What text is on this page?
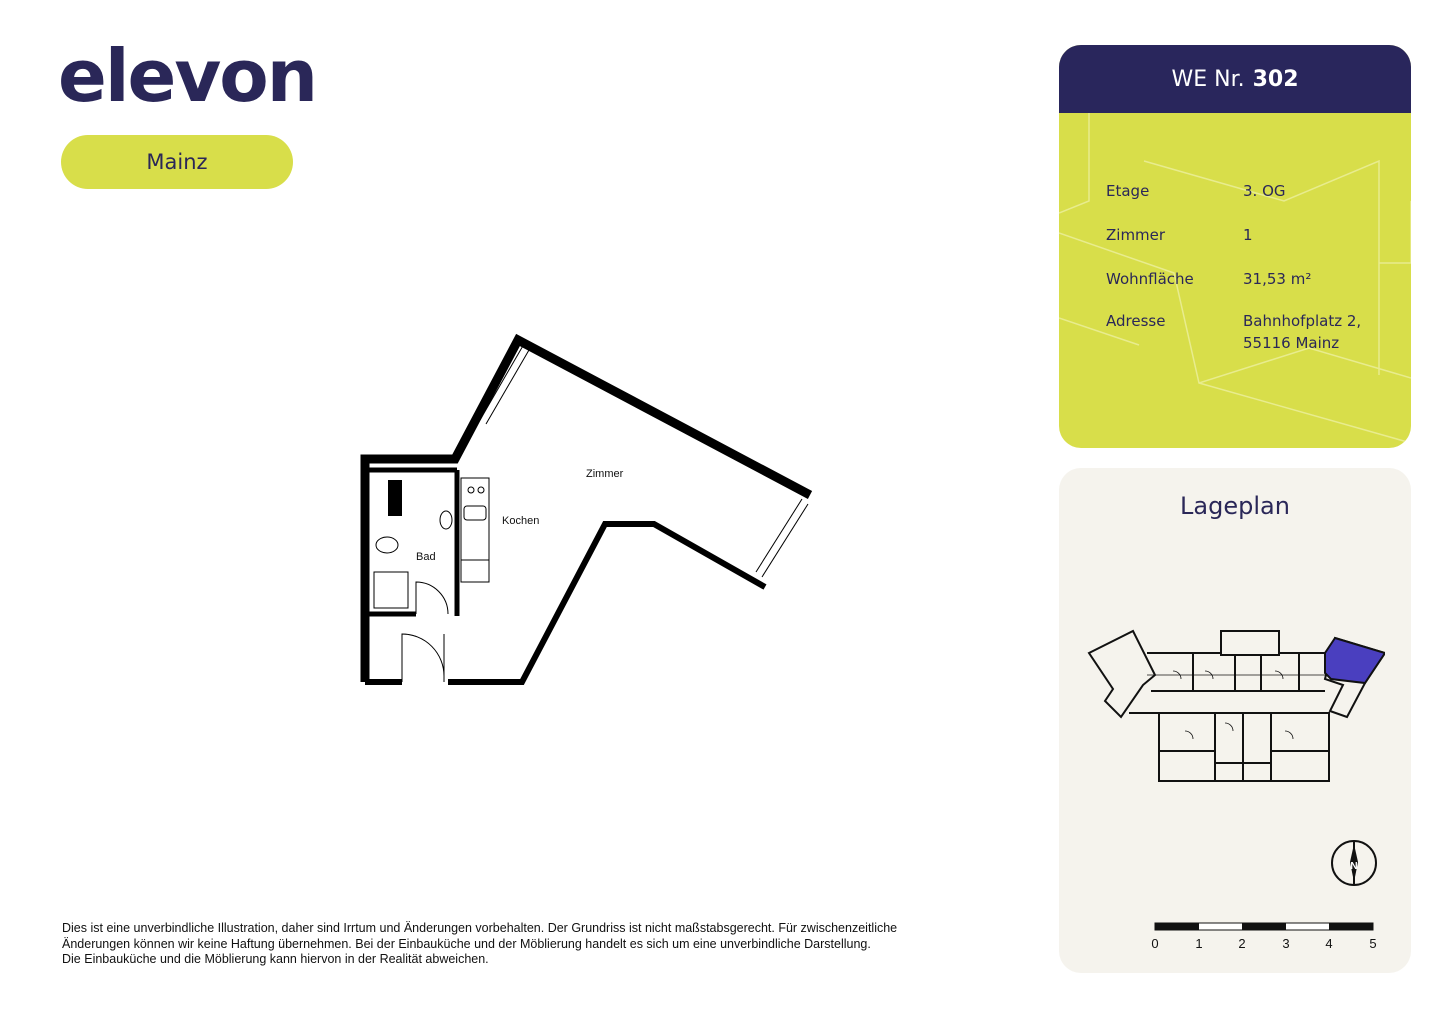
elevon
Mainz
Zimmer
Kochen
Bad

Dies ist eine unverbindliche Illustration, daher sind Irrtum und Änderungen vorbehalten. Der Grundriss ist nicht maßstabsgerecht. Für zwischenzeitliche

Änderungen können wir keine Haftung übernehmen. Bei der Einbauküche und der Möblierung handelt es sich um eine unverbindliche Darstellung.

Die Einbauküche und die Möblierung kann hiervon in der Realität abweichen.

WE Nr. 302
Etage	3. OG
Zimmer	1
Wohnfläche	31,53 m²
Adresse	Bahnhofplatz 2,
55116 Mainz
Lageplan
N
0	1	2	3	4	5
